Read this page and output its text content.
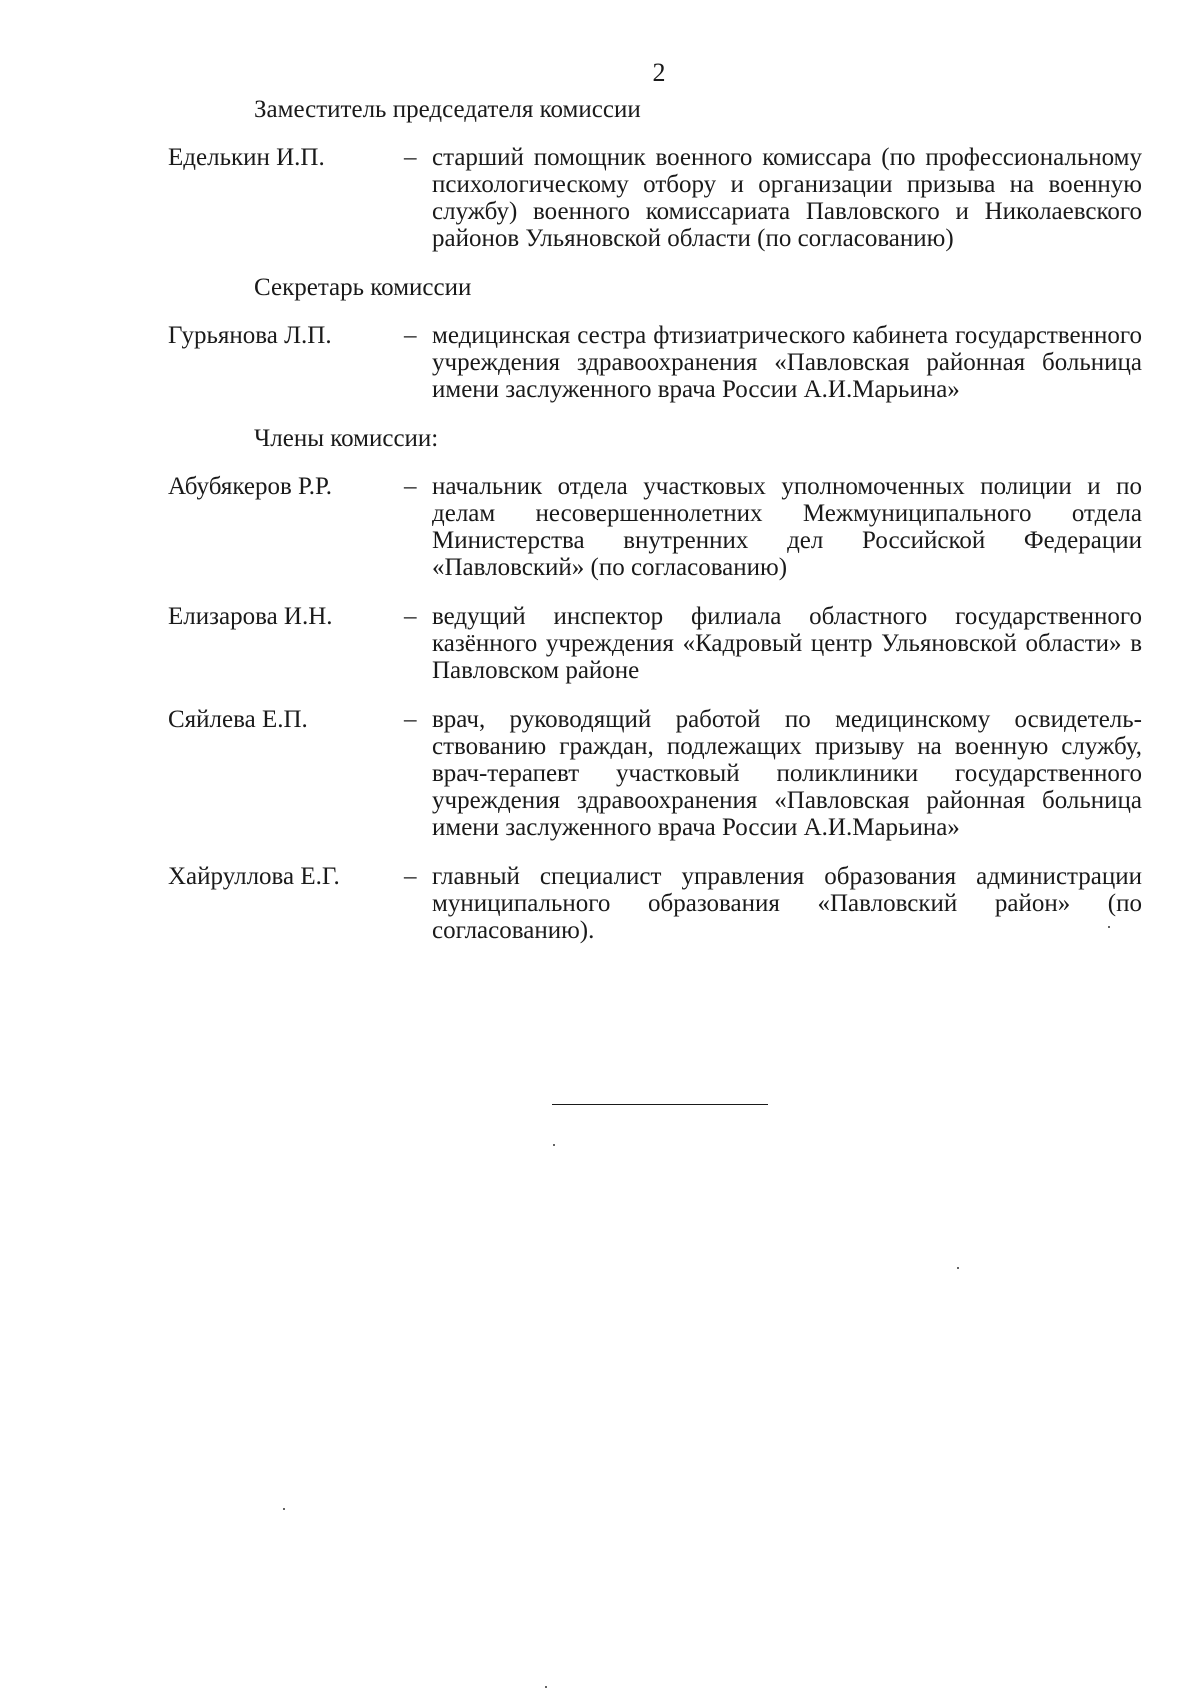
2
Заместитель председателя комиссии
Еделькин И.П.	– старший помощник военного комиссара (по профессиональному психологическому отбору и организации призыва на военную службу) военного комиссариата Павловского и Николаевского районов Ульяновской области (по согласованию)
Секретарь комиссии
Гурьянова Л.П.	– медицинская сестра фтизиатрического кабинета государственного учреждения здравоохранения «Павловская районная больница имени заслуженного врача России А.И.Марьина»
Члены комиссии:
Абубякеров Р.Р.	– начальник отдела участковых уполномоченных полиции и по делам несовершеннолетних Межмуниципального отдела Министерства внутренних дел Российской Федерации «Павловский» (по согласованию)
Елизарова И.Н.	– ведущий инспектор филиала областного государственного казённого учреждения «Кадровый центр Ульяновской области» в Павловском районе
Сяйлева Е.П.	– врач, руководящий работой по медицинскому освидетельствованию граждан, подлежащих призыву на военную службу, врач-терапевт участковый поликлиники государственного учреждения здравоохранения «Павловская районная больница имени заслуженного врача России А.И.Марьина»
Хайруллова Е.Г.	– главный специалист управления образования администрации муниципального образования «Павловский район» (по согласованию).
